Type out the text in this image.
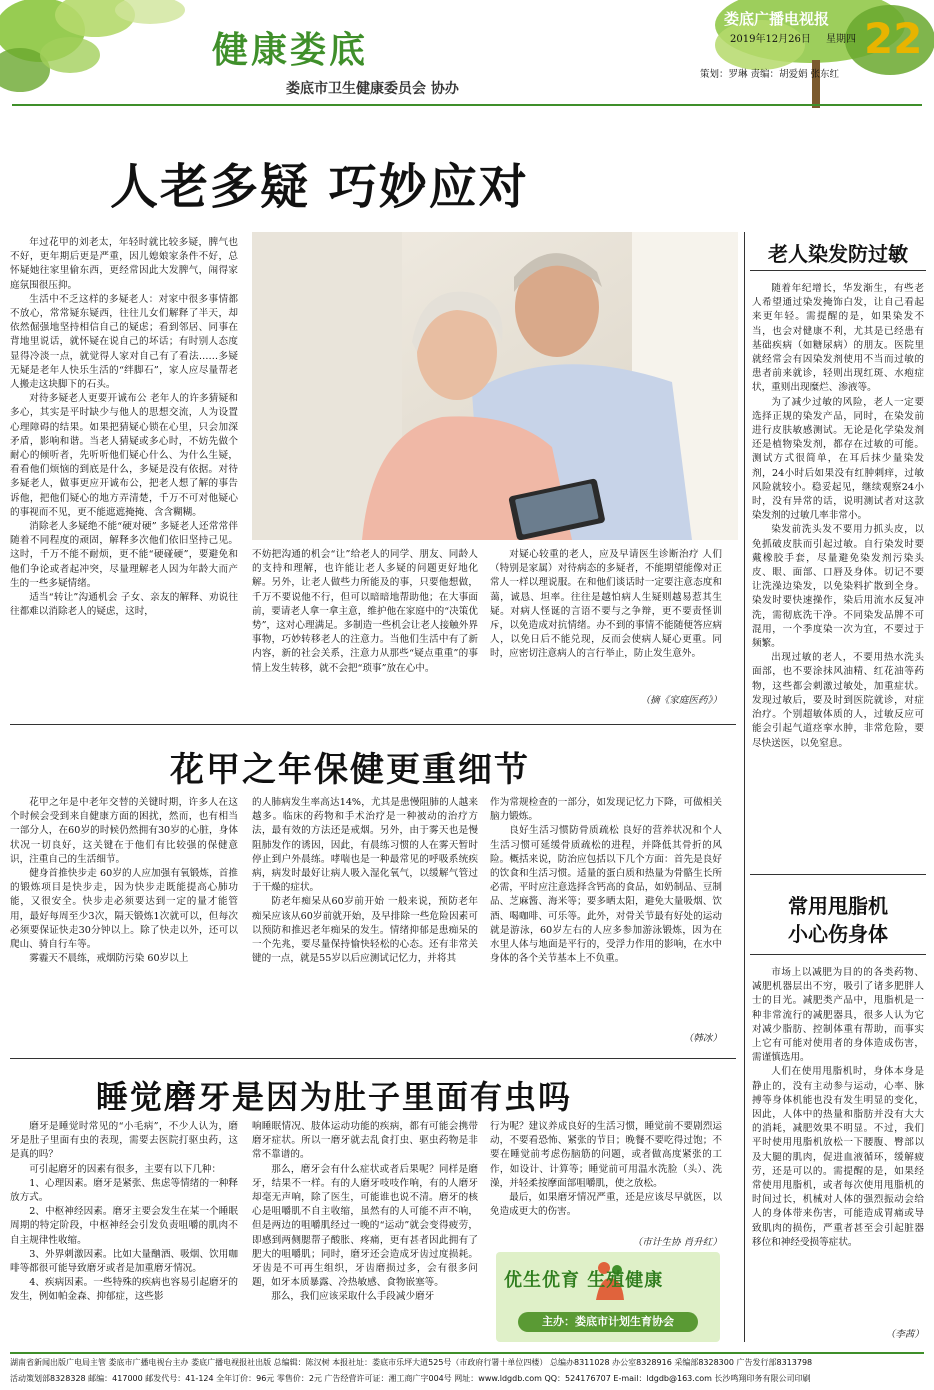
健康娄底
娄底市卫生健康委员会 协办
娄底广播电视报
2019年12月26日 星期四 22
策划：罗琳 责编：胡爱娟 张东红
人老多疑 巧妙应对

年过花甲的刘老太，年轻时就比较多疑，脾气也不好，更年期后更是严重，因儿媳娘家条件不好，总怀疑她往家里偷东西，更经常因此大发脾气，闹得家庭氛围很压抑。

生活中不乏这样的多疑老人：对家中很多事情都不放心，常常疑东疑西，往往儿女们解释了半天，却依然倔强地坚持相信自己的疑虑；看到邻居、同事在背地里说话，就怀疑在说自己的坏话；有时别人态度显得冷淡一点，就觉得人家对自己有了看法……多疑无疑是老年人快乐生活的“绊脚石”，家人应尽量帮老人搬走这块脚下的石头。

对待多疑老人更要开诚布公 老年人的许多猜疑和多心，其实是平时缺少与他人的思想交流，人为设置心理障碍的结果。如果把猜疑心锁在心里，只会加深矛盾，影响和谐。当老人猜疑或多心时，不妨先做个耐心的倾听者，先听听他们疑心什么、为什么生疑，看看他们烦恼的到底是什么，多疑是没有依据。对待多疑老人，做事更应开诚布公，把老人想了解的事告诉他，把他们疑心的地方弄清楚，千万不可对他疑心的事视而不见，更不能遮遮掩掩、含含糊糊。

消除老人多疑绝不能“硬对硬” 多疑老人还常常伴随着不同程度的顽固，解释多次他们依旧坚持己见。这时，千万不能不耐烦，更不能“硬碰硬”，要避免和他们争论或者起冲突，尽量理解老人因为年龄大而产生的一些多疑情绪。

适当“转让”沟通机会 子女、亲友的解释、劝说往往都难以消除老人的疑虑，这时，

不妨把沟通的机会“让”给老人的同学、朋友、同龄人的支持和理解，也许能让老人多疑的问题更好地化解。另外，让老人做些力所能及的事，只要他想做，千万不要说他不行，但可以暗暗地帮助他；在大事面前，要请老人拿一拿主意，维护他在家庭中的“决策优势”，这对心理满足。多制造一些机会让老人接触外界事物，巧妙转移老人的注意力。当他们生活中有了新内容，新的社会关系，注意力从那些“疑点重重”的事情上发生转移，就不会把“琐事”放在心中。

对疑心较重的老人，应及早请医生诊断治疗 人们（特别是家属）对待病态的多疑者，不能期望能像对正常人一样以理说服。在和他们谈话时一定要注意态度和蔼，诚恳、坦率。往往是越怕病人生疑则越易惹其生疑。对病人怪诞的言语不要与之争辩，更不要责怪训斥，以免造成对抗情绪。办不到的事情不能随便答应病人，以免日后不能兑现，反而会使病人疑心更重。同时，应密切注意病人的言行举止，防止发生意外。

（摘《家庭医药》）
老人染发防过敏

随着年纪增长，华发渐生，有些老人希望通过染发掩饰白发，让自己看起来更年轻。需提醒的是，如果染发不当，也会对健康不利，尤其是已经患有基础疾病（如糖尿病）的朋友。医院里就经常会有因染发剂使用不当而过敏的患者前来就诊，轻则出现红斑、水疱症状，重则出现糜烂、渗液等。

为了减少过敏的风险，老人一定要选择正规的染发产品，同时，在染发前进行皮肤敏感测试。无论是化学染发剂还是植物染发剂，都存在过敏的可能。测试方式很简单，在耳后抹少量染发剂，24小时后如果没有红肿刺痒，过敏风险就较小。稳妥起见，继续观察24小时，没有异常的话，说明测试者对这款染发剂的过敏几率非常小。

染发前洗头发不要用力抓头皮，以免抓破皮肤而引起过敏。自行染发时要戴橡胶手套，尽量避免染发剂污染头皮、眼、面部、口唇及身体。切记不要让洗澡边染发，以免染料扩散到全身。染发时要快速操作，染后用流水反复冲洗，需彻底洗干净。不同染发品牌不可混用，一个季度染一次为宜，不要过于频繁。

出现过敏的老人，不要用热水洗头面部，也不要涂抹风油精、红花油等药物，这些都会刺激过敏处，加重症状。发现过敏后，要及时到医院就诊，对症治疗。个别超敏体质的人，过敏反应可能会引起气道痉挛水肿，非常危险，要尽快送医，以免窒息。

花甲之年保健更重细节

花甲之年是中老年交替的关键时期，许多人在这个时候会受到来自健康方面的困扰，然而，也有相当一部分人，在60岁的时候仍然拥有30岁的心脏，身体状况一切良好，这关键在于他们有比较强的保健意识，注重自己的生活细节。

健身首推快步走 60岁的人应加强有氧锻炼，首推的锻炼项目是快步走，因为快步走既能提高心肺功能，又很安全。快步走必须要达到一定的量才能管用，最好每周至少3次，隔天锻炼1次就可以，但每次必须要保证快走30分钟以上。除了快走以外，还可以爬山、骑自行车等。

雾霾天不晨练，戒烟防污染 60岁以上

的人肺病发生率高达14%，尤其是患慢阻肺的人越来越多。临床的药物和手术治疗是一种被动的治疗方法，最有效的方法还是戒烟。另外，由于雾天也是慢阻肺发作的诱因，因此，有晨练习惯的人在雾天暂时停止到户外晨练。哮喘也是一种最常见的呼吸系统疾病，病发时最好让病人吸入湿化氧气，以缓解气管过于干燥的症状。

防老年痴呆从60岁前开始 一般来说，预防老年痴呆应该从60岁前就开始，及早排除一些危险因素可以预防和推迟老年痴呆的发生。情绪抑郁是患痴呆的一个先兆，要尽量保持愉快轻松的心态。还有非常关键的一点，就是55岁以后应测试记忆力，并将其

作为常规检查的一部分，如发现记忆力下降，可做相关脑力锻炼。

良好生活习惯防骨质疏松 良好的营养状况和个人生活习惯可延缓骨质疏松的进程，并降低其骨折的风险。概括来说，防治应包括以下几个方面：首先是良好的饮食和生活习惯。适量的蛋白质和热量为骨骼生长所必需，平时应注意选择含钙高的食品，如奶制品、豆制品、芝麻酱、海米等；要多晒太阳，避免大量吸烟、饮酒、喝咖啡、可乐等。此外，对骨关节最有好处的运动就是游泳，60岁左右的人应多参加游泳锻炼，因为在水里人体与地面是平行的，受浮力作用的影响，在水中身体的各个关节基本上不负重。

（韩冰）
常用甩脂机
小心伤身体

市场上以减肥为目的的各类药物、减肥机器层出不穷，吸引了诸多肥胖人士的目光。减肥类产品中，甩脂机是一种非常流行的减肥器具，很多人认为它对减少脂肪、控制体重有帮助，而事实上它有可能对使用者的身体造成伤害，需谨慎选用。

人们在使用甩脂机时，身体本身是静止的，没有主动参与运动，心率、脉搏等身体机能也没有发生明显的变化，因此，人体中的热量和脂肪并没有大大的消耗，减肥效果不明显。不过，我们平时使用甩脂机放松一下腰腹、臀部以及大腿的肌肉，促进血液循环，缓解疲劳，还是可以的。需提醒的是，如果经常使用甩脂机，或者每次使用甩脂机的时间过长，机械对人体的强烈振动会给人的身体带来伤害，可能造成胃痛或导致肌肉的损伤，严重者甚至会引起脏器移位和神经受损等症状。

（李茜）
睡觉磨牙是因为肚子里面有虫吗

磨牙是睡觉时常见的“小毛病”，不少人认为，磨牙是肚子里面有虫的表现，需要去医院打驱虫药，这是真的吗？

可引起磨牙的因素有很多，主要有以下几种：

1、心理因素。磨牙是紧张、焦虑等情绪的一种释放方式。

2、中枢神经因素。磨牙主要会发生在某一个睡眠周期的特定阶段，中枢神经会引发负责咀嚼的肌肉不自主规律性收缩。

3、外界刺激因素。比如大量酗酒、吸烟、饮用咖啡等都很可能导致磨牙或者是加重磨牙情况。

4、疾病因素。一些特殊的疾病也容易引起磨牙的发生，例如帕金森、抑郁症，这些影

响睡眠情况、肢体运动功能的疾病，都有可能会携带磨牙症状。所以一磨牙就去乱食打虫、驱虫药物是非常不靠谱的。

那么，磨牙会有什么症状或者后果呢？同样是磨牙，结果不一样。有的人磨牙吱吱作响，有的人磨牙却毫无声响，除了医生，可能谁也说不清。磨牙的核心是咀嚼肌不自主收缩，虽然有的人可能不声不响，但是两边的咀嚼肌经过一晚的“运动”就会变得疲劳，即感到两侧腮帮子酸胀、疼痛，更有甚者因此拥有了肥大的咀嚼肌；同时，磨牙还会造成牙齿过度损耗。牙齿是不可再生组织，牙齿磨损过多，会有很多问题，如牙本质暴露、冷热敏感、食物嵌塞等。

那么，我们应该采取什么手段减少磨牙

行为呢？建议养成良好的生活习惯，睡觉前不要剧烈运动，不要看恐怖、紧张的节目；晚餐不要吃得过饱；不要在睡觉前考虑伤脑筋的问题，或者做高度紧张的工作，如设计、计算等；睡觉前可用温水洗脸（头）、洗澡，并轻柔按摩面部咀嚼肌，使之放松。

最后，如果磨牙情况严重，还是应该尽早就医，以免造成更大的伤害。

（市计生协 肖升红）
优生优育 生殖健康
主办：娄底市计划生育协会
湖南省新闻出版广电局主管 娄底市广播电视台主办 娄底广播电视报社出版 总编辑：陈汉树 本报社址：娄底市乐坪大道525号（市政府行署十单位四楼） 总编办8311028 办公室8328916 采编部8328300 广告发行部8313798
活动策划部8328328 邮编：417000 邮发代号：41-124 全年订价：96元 零售价：2元 广告经营许可证：湘工商广字004号 网址：www.ldgdb.com QQ：524176707 E-mail：ldgdb@163.com 长沙鸣翔印务有限公司印刷
